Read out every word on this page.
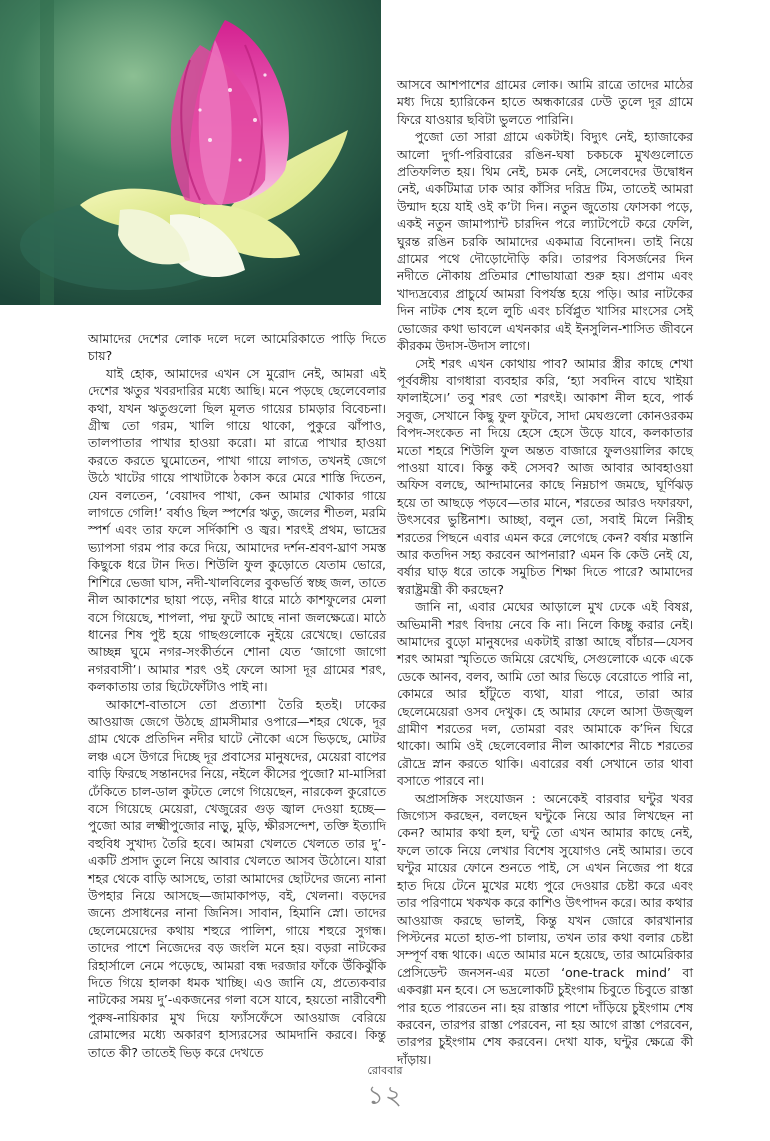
আমাদের দেশের লোক দলে দলে আমেরিকাতে পাড়ি দিতে চায়?

যাই হোক, আমাদের এখন সে মুরোদ নেই, আমরা এই দেশের ঋতুর খবরদারির মধ্যে আছি। মনে পড়ছে ছেলেবেলার কথা, যখন ঋতুগুলো ছিল মূলত গায়ের চামড়ার বিবেচনা। গ্রীষ্ম তো গরম, খালি গায়ে থাকো, পুকুরে ঝাঁপাও, তালপাতার পাখার হাওয়া করো। মা রাত্রে পাখার হাওয়া করতে করতে ঘুমোতেন, পাখা গায়ে লাগত, তখনই জেগে উঠে খাটের গায়ে পাখাটাকে ঠকাস করে মেরে শাস্তি দিতেন, যেন বলতেন, ‘বেয়াদব পাখা, কেন আমার খোকার গায়ে লাগতে গেলি!’ বর্ষাও ছিল স্পর্শের ঋতু, জলের শীতল, মরমি স্পর্শ এবং তার ফলে সর্দিকাশি ও জ্বর। শরৎই প্রথম, ভাদ্রের ভ্যাপসা গরম পার করে দিয়ে, আমাদের দর্শন-শ্রবণ-ঘ্রাণ সমস্ত কিছুকে ধরে টান দিত। শিউলি ফুল কুড়োতে যেতাম ভোরে, শিশিরে ভেজা ঘাস, নদী-খালবিলের বুকভর্তি স্বচ্ছ জল, তাতে নীল আকাশের ছায়া পড়ে, নদীর ধারে মাঠে কাশফুলের মেলা বসে গিয়েছে, শাপলা, পদ্ম ফুটে আছে নানা জলক্ষেত্রে। মাঠে ধানের শিষ পুষ্ট হয়ে গাছগুলোকে নুইয়ে রেখেছে। ভোরের আচ্ছন্ন ঘুমে নগর-সংকীর্তনে শোনা যেত ‘জাগো জাগো নগরবাসী’। আমার শরৎ ওই ফেলে আসা দূর গ্রামের শরৎ, কলকাতায় তার ছিটেফোঁটাও পাই না।

আকাশে-বাতাসে তো প্রত্যাশা তৈরি হতই। ঢাকের আওয়াজ জেগে উঠছে গ্রামসীমার ওপারে—শহর থেকে, দূর গ্রাম থেকে প্রতিদিন নদীর ঘাটে নৌকো এসে ভিড়ছে, মোটর লঞ্চ এসে উগরে দিচ্ছে দূর প্রবাসের মানুষদের, মেয়েরা বাপের বাড়ি ফিরছে সন্তানদের নিয়ে, নইলে কীসের পুজো? মা-মাসিরা ঢেঁকিতে চাল-ডাল কুটতে লেগে গিয়েছেন, নারকেল কুরোতে বসে গিয়েছে মেয়েরা, খেজুরের গুড় জ্বাল দেওয়া হচ্ছে—পুজো আর লক্ষ্মীপুজোর নাড়ু, মুড়ি, ক্ষীরসন্দেশ, তক্তি ইত্যাদি বহুবিধ সুখাদ্য তৈরি হবে। আমরা খেলতে খেলতে তার দু’-একটি প্রসাদ তুলে নিয়ে আবার খেলতে আসব উঠোনে। যারা শহর থেকে বাড়ি আসছে, তারা আমাদের ছোটদের জন্যে নানা উপহার নিয়ে আসছে—জামাকাপড়, বই, খেলনা। বড়দের জন্যে প্রসাধনের নানা জিনিস। সাবান, হিমানি স্নো। তাদের ছেলেমেয়েদের কথায় শহুরে পালিশ, গায়ে শহুরে সুগন্ধ। তাদের পাশে নিজেদের বড় জংলি মনে হয়। বড়রা নাটকের রিহার্সালে নেমে পড়েছে, আমরা বন্ধ দরজার ফাঁকে উঁকিঝুঁকি দিতে গিয়ে হালকা ধমক খাচ্ছি। এও জানি যে, প্রত্যেকবার নাটকের সময় দু’-একজনের গলা বসে যাবে, হয়তো নারীবেশী পুরুষ-নায়িকার মুখ দিয়ে ফ্যাঁসফেঁসে আওয়াজ বেরিয়ে রোমান্সের মধ্যে অকারণ হাস্যরসের আমদানি করবে। কিন্তু তাতে কী? তাতেই ভিড় করে দেখতে

আসবে আশপাশের গ্রামের লোক। আমি রাত্রে তাদের মাঠের মধ্য দিয়ে হ্যারিকেন হাতে অন্ধকারের ঢেউ তুলে দূর গ্রামে ফিরে যাওয়ার ছবিটা ভুলতে পারিনি।

পুজো তো সারা গ্রামে একটাই। বিদ্যুৎ নেই, হ্যাজাকের আলো দুর্গা-পরিবারের রঙিন-ঘষা চকচকে মুখগুলোতে প্রতিফলিত হয়। থিম নেই, চমক নেই, সেলেবদের উদ্বোধন নেই, একটিমাত্র ঢাক আর কাঁসির দরিদ্র টিম, তাতেই আমরা উন্মাদ হয়ে যাই ওই ক’টা দিন। নতুন জুতোয় ফোসকা পড়ে, একই নতুন জামাপ্যান্ট চারদিন পরে ল্যাটপেটে করে ফেলি, ঘুরন্ত রঙিন চরকি আমাদের একমাত্র বিনোদন। তাই নিয়ে গ্রামের পথে দৌড়োদৌড়ি করি। তারপর বিসর্জনের দিন নদীতে নৌকায় প্রতিমার শোভাযাত্রা শুরু হয়। প্রণাম এবং খাদ্যদ্রব্যের প্রাচুর্যে আমরা বিপর্যস্ত হয়ে পড়ি। আর নাটকের দিন নাটক শেষ হলে লুচি এবং চর্বিপ্লুত খাসির মাংসের সেই ভোজের কথা ভাবলে এখনকার এই ইনসুলিন-শাসিত জীবনে কীরকম উদাস-উদাস লাগে।

সেই শরৎ এখন কোথায় পাব? আমার স্ত্রীর কাছে শেখা পূর্ববঙ্গীয় বাগধারা ব্যবহার করি, ‘হ্যা সবদিন বাঘে খাইয়া ফালাইসে।’ তবু শরৎ তো শরৎই। আকাশ নীল হবে, পার্ক সবুজ, সেখানে কিছু ফুল ফুটবে, সাদা মেঘগুলো কোনওরকম বিপদ-সংকেত না দিয়ে হেসে হেসে উড়ে যাবে, কলকাতার মতো শহরে শিউলি ফুল অন্তত বাজারে ফুলওয়ালির কাছে পাওয়া যাবে। কিন্তু কই সেসব? আজ আবার আবহাওয়া অফিস বলছে, আন্দামানের কাছে নিম্নচাপ জমছে, ঘূর্ণিঝড় হয়ে তা আছড়ে পড়বে—তার মানে, শরতের আরও দফারফা, উৎসবের ভুষ্টিনাশ। আচ্ছা, বলুন তো, সবাই মিলে নিরীহ শরতের পিছনে এবার এমন করে লেগেছে কেন? বর্ষার মস্তানি আর কতদিন সহ্য করবেন আপনারা? এমন কি কেউ নেই যে, বর্ষার ঘাড় ধরে তাকে সমুচিত শিক্ষা দিতে পারে? আমাদের স্বরাষ্ট্রমন্ত্রী কী করছেন?

জানি না, এবার মেঘের আড়ালে মুখ ঢেকে এই বিষণ্ণ, অভিমানী শরৎ বিদায় নেবে কি না। নিলে কিচ্ছু করার নেই। আমাদের বুড়ো মানুষদের একটাই রাস্তা আছে বাঁচার—যেসব শরৎ আমরা স্মৃতিতে জমিয়ে রেখেছি, সেগুলোকে একে একে ডেকে আনব, বলব, আমি তো আর ভিড়ে বেরোতে পারি না, কোমরে আর হাঁটুতে ব্যথা, যারা পারে, তারা আর ছেলেমেয়েরা ওসব দেখুক। হে আমার ফেলে আসা উজ্জ্বল গ্রামীণ শরতের দল, তোমরা বরং আমাকে ক’দিন ঘিরে থাকো। আমি ওই ছেলেবেলার নীল আকাশের নীচে শরতের রৌদ্রে স্নান করতে থাকি। এবারের বর্ষা সেখানে তার থাবা বসাতে পারবে না।

অপ্রাসঙ্গিক সংযোজন : অনেকেই বারবার ঘন্টুর খবর জিগ্যেস করছেন, বলছেন ঘন্টুকে নিয়ে আর লিখছেন না কেন? আমার কথা হল, ঘন্টু তো এখন আমার কাছে নেই, ফলে তাকে নিয়ে লেখার বিশেষ সুযোগও নেই আমার। তবে ঘন্টুর মায়ের ফোনে শুনতে পাই, সে এখন নিজের পা ধরে হাত দিয়ে টেনে মুখের মধ্যে পুরে দেওয়ার চেষ্টা করে এবং তার পরিণামে খকখক করে কাশিও উৎপাদন করে। আর কথার আওয়াজ করছে ভালই, কিন্তু যখন জোরে কারখানার পিস্টনের মতো হাত-পা চালায়, তখন তার কথা বলার চেষ্টা সম্পূর্ণ বন্ধ থাকে। এতে আমার মনে হয়েছে, তার আমেরিকার প্রেসিডেন্ট জনসন-এর মতো ‘one-track mind’ বা একবগ্গা মন হবে। সে ভদ্রলোকটি চুইংগাম চিবুতে চিবুতে রাস্তা পার হতে পারতেন না। হয় রাস্তার পাশে দাঁড়িয়ে চুইংগাম শেষ করবেন, তারপর রাস্তা পেরবেন, না হয় আগে রাস্তা পেরবেন, তারপর চুইংগাম শেষ করবেন। দেখা যাক, ঘন্টুর ক্ষেত্রে কী দাঁড়ায়।

রোববার
১২
